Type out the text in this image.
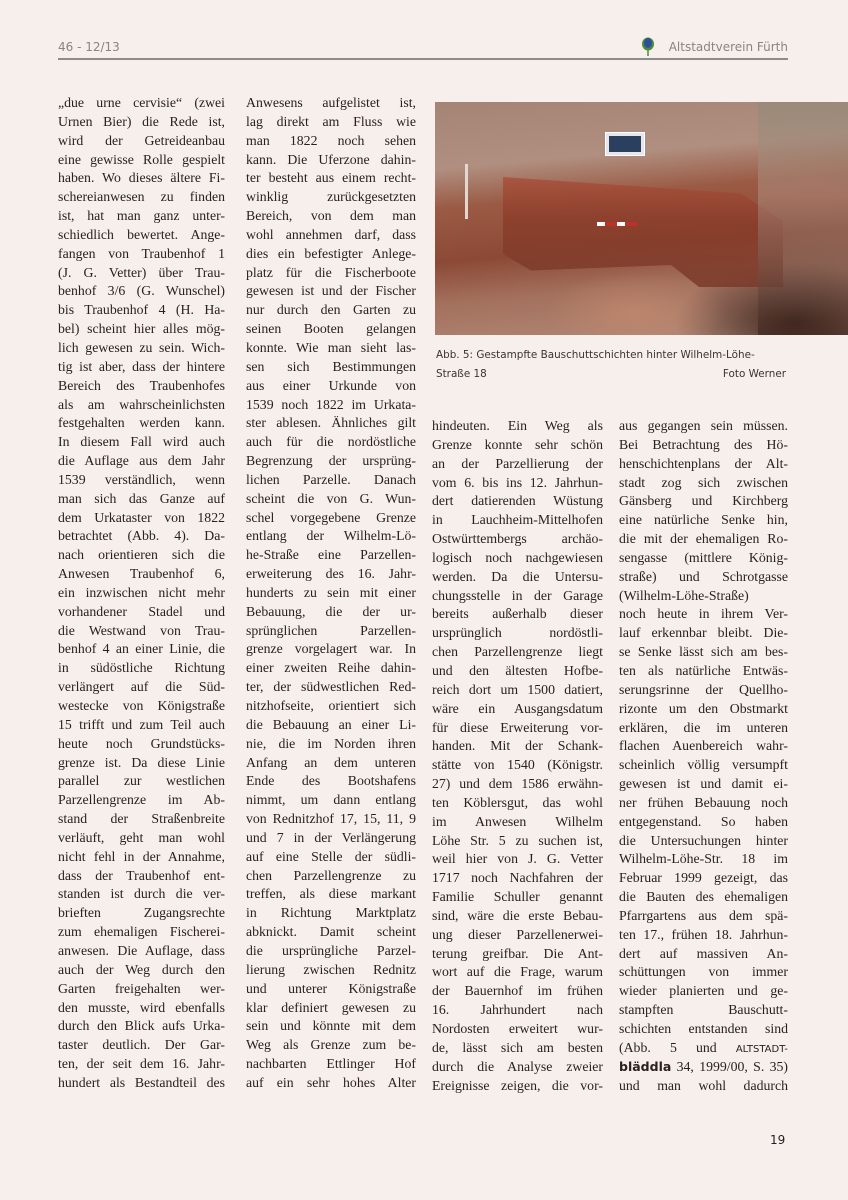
46 - 12/13	Altstadtverein Fürth
„due urne cervisie“ (zwei
Urnen Bier) die Rede ist,
wird der Getreideanbau
eine gewisse Rolle gespielt
haben. Wo dieses ältere Fi-
schereianwesen zu finden
ist, hat man ganz unter-
schiedlich bewertet. Ange-
fangen von Traubenhof 1
(J. G. Vetter) über Trau-
benhof 3/6 (G. Wunschel)
bis Traubenhof 4 (H. Ha-
bel) scheint hier alles mög-
lich gewesen zu sein. Wich-
tig ist aber, dass der hintere
Bereich des Traubenhofes
als am wahrscheinlichsten
festgehalten werden kann.
In diesem Fall wird auch
die Auflage aus dem Jahr
1539 verständlich, wenn
man sich das Ganze auf
dem Urkataster von 1822
betrachtet (Abb. 4). Da-
nach orientieren sich die
Anwesen Traubenhof 6,
ein inzwischen nicht mehr
vorhandener Stadel und
die Westwand von Trau-
benhof 4 an einer Linie, die
in südöstliche Richtung
verlängert auf die Süd-
westecke von Königstraße
15 trifft und zum Teil auch
heute noch Grundstücks-
grenze ist. Da diese Linie
parallel zur westlichen
Parzellengrenze im Ab-
stand der Straßenbreite
verläuft, geht man wohl
nicht fehl in der Annahme,
dass der Traubenhof ent-
standen ist durch die ver-
brieften Zugangsrechte
zum ehemaligen Fischerei-
anwesen. Die Auflage, dass
auch der Weg durch den
Garten freigehalten wer-
den musste, wird ebenfalls
durch den Blick aufs Urka-
taster deutlich. Der Gar-
ten, der seit dem 16. Jahr-
hundert als Bestandteil des
Anwesens aufgelistet ist,
lag direkt am Fluss wie
man 1822 noch sehen
kann. Die Uferzone dahin-
ter besteht aus einem recht-
winklig zurückgesetzten
Bereich, von dem man
wohl annehmen darf, dass
dies ein befestigter Anlege-
platz für die Fischerboote
gewesen ist und der Fischer
nur durch den Garten zu
seinen Booten gelangen
konnte. Wie man sieht las-
sen sich Bestimmungen
aus einer Urkunde von
1539 noch 1822 im Urkata-
ster ablesen. Ähnliches gilt
auch für die nordöstliche
Begrenzung der ursprüng-
lichen Parzelle. Danach
scheint die von G. Wun-
schel vorgegebene Grenze
entlang der Wilhelm-Lö-
he-Straße eine Parzellen-
erweiterung des 16. Jahr-
hunderts zu sein mit einer
Bebauung, die der ur-
sprünglichen Parzellen-
grenze vorgelagert war. In
einer zweiten Reihe dahin-
ter, der südwestlichen Red-
nitzhofseite, orientiert sich
die Bebauung an einer Li-
nie, die im Norden ihren
Anfang an dem unteren
Ende des Bootshafens
nimmt, um dann entlang
von Rednitzhof 17, 15, 11, 9
und 7 in der Verlängerung
auf eine Stelle der südli-
chen Parzellengrenze zu
treffen, als diese markant
in Richtung Marktplatz
abknickt. Damit scheint
die ursprüngliche Parzel-
lierung zwischen Rednitz
und unterer Königstraße
klar definiert gewesen zu
sein und könnte mit dem
Weg als Grenze zum be-
nachbarten Ettlinger Hof
auf ein sehr hohes Alter
hindeuten. Ein Weg als
Grenze konnte sehr schön
an der Parzellierung der
vom 6. bis ins 12. Jahrhun-
dert datierenden Wüstung
in Lauchheim-Mittelhofen
Ostwürttembergs archäo-
logisch noch nachgewiesen
werden. Da die Untersu-
chungsstelle in der Garage
bereits außerhalb dieser
ursprünglich nordöstli-
chen Parzellengrenze liegt
und den ältesten Hofbe-
reich dort um 1500 datiert,
wäre ein Ausgangsdatum
für diese Erweiterung vor-
handen. Mit der Schank-
stätte von 1540 (Königstr.
27) und dem 1586 erwähn-
ten Köblersgut, das wohl
im Anwesen Wilhelm
Löhe Str. 5 zu suchen ist,
weil hier von J. G. Vetter
1717 noch Nachfahren der
Familie Schuller genannt
sind, wäre die erste Bebau-
ung dieser Parzellenerwei-
terung greifbar. Die Ant-
wort auf die Frage, warum
der Bauernhof im frühen
16. Jahrhundert nach
Nordosten erweitert wur-
de, lässt sich am besten
durch die Analyse zweier
Ereignisse zeigen, die vor-
aus gegangen sein müssen.
Bei Betrachtung des Hö-
henschichtenplans der Alt-
stadt zog sich zwischen
Gänsberg und Kirchberg
eine natürliche Senke hin,
die mit der ehemaligen Ro-
sengasse (mittlere König-
straße) und Schrotgasse
(Wilhelm-Löhe-Straße)
noch heute in ihrem Ver-
lauf erkennbar bleibt. Die-
se Senke lässt sich am bes-
ten als natürliche Entwäs-
serungsrinne der Quellho-
rizonte um den Obstmarkt
erklären, die im unteren
flachen Auenbereich wahr-
scheinlich völlig versumpft
gewesen ist und damit ei-
ner frühen Bebauung noch
entgegenstand. So haben
die Untersuchungen hinter
Wilhelm-Löhe-Str. 18 im
Februar 1999 gezeigt, das
die Bauten des ehemaligen
Pfarrgartens aus dem spä-
ten 17., frühen 18. Jahrhun-
dert auf massiven An-
schüttungen von immer
wieder planierten und ge-
stampften Bauschutt-
schichten entstanden sind
(Abb. 5 und ALTSTADT-
bläddla 34, 1999/00, S. 35)
und man wohl dadurch
Abb. 5: Gestampfte Bauschuttschichten hinter Wilhelm-Löhe-
Straße 18	Foto Werner
19
